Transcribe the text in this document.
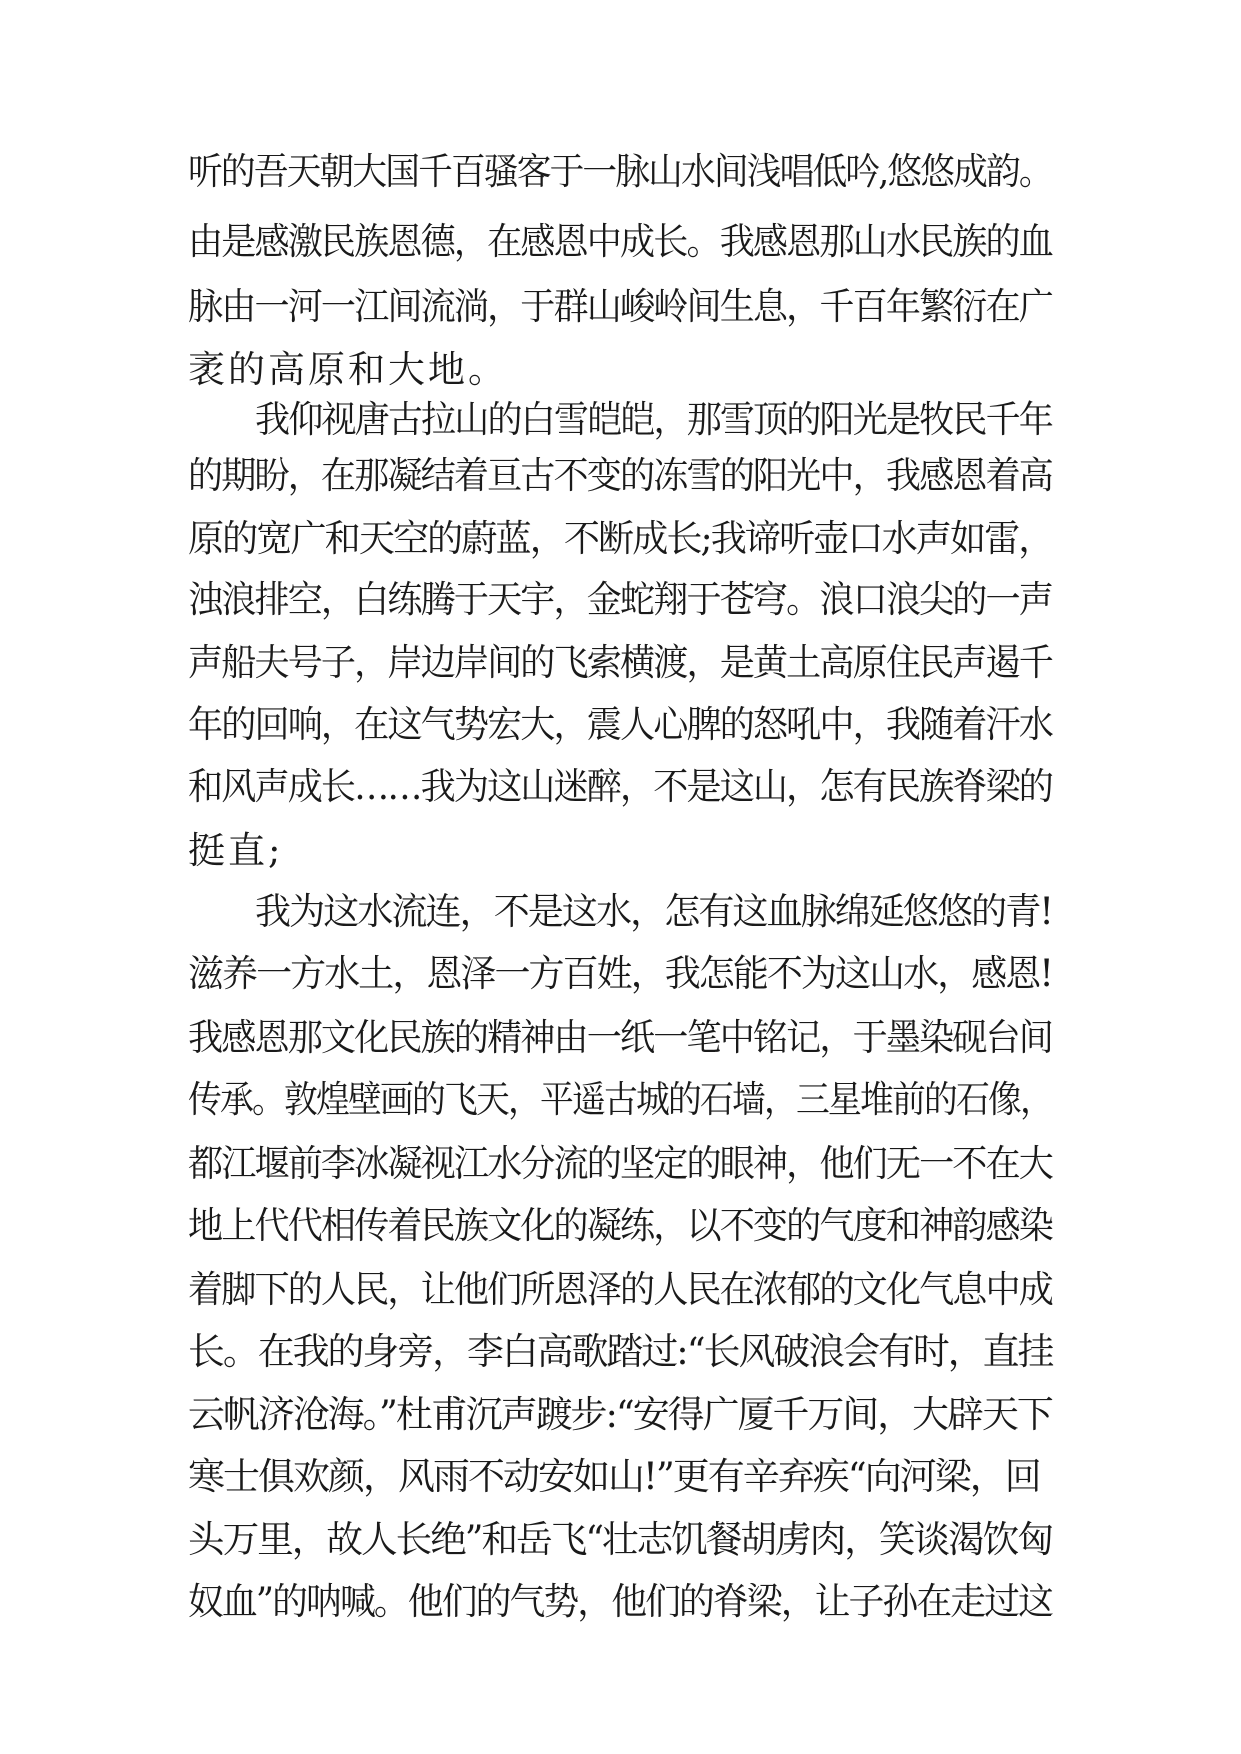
听的吾天朝大国千百骚客于一脉山水间浅唱低吟,悠悠成韵。
由是感激民族恩德，在感恩中成长。我感恩那山水民族的血
脉由一河一江间流淌，于群山峻岭间生息，千百年繁衍在广
袤的高原和大地。
我仰视唐古拉山的白雪皑皑，那雪顶的阳光是牧民千年
的期盼，在那凝结着亘古不变的冻雪的阳光中，我感恩着高
原的宽广和天空的蔚蓝，不断成长;我谛听壶口水声如雷，
浊浪排空，白练腾于天宇，金蛇翔于苍穹。浪口浪尖的一声
声船夫号子，岸边岸间的飞索横渡，是黄土高原住民声遏千
年的回响，在这气势宏大，震人心脾的怒吼中，我随着汗水
和风声成长……我为这山迷醉，不是这山，怎有民族脊梁的
挺直;
我为这水流连，不是这水，怎有这血脉绵延悠悠的青!
滋养一方水土，恩泽一方百姓，我怎能不为这山水，感恩!
我感恩那文化民族的精神由一纸一笔中铭记，于墨染砚台间
传承。敦煌壁画的飞天，平遥古城的石墙，三星堆前的石像，
都江堰前李冰凝视江水分流的坚定的眼神，他们无一不在大
地上代代相传着民族文化的凝练，以不变的气度和神韵感染
着脚下的人民，让他们所恩泽的人民在浓郁的文化气息中成
长。在我的身旁，李白高歌踏过:“长风破浪会有时，直挂
云帆济沧海。”杜甫沉声踱步:“安得广厦千万间，大辟天下
寒士俱欢颜，风雨不动安如山!”更有辛弃疾“向河梁，回
头万里，故人长绝”和岳飞“壮志饥餐胡虏肉，笑谈渴饮匈
奴血”的呐喊。他们的气势，他们的脊梁，让子孙在走过这
